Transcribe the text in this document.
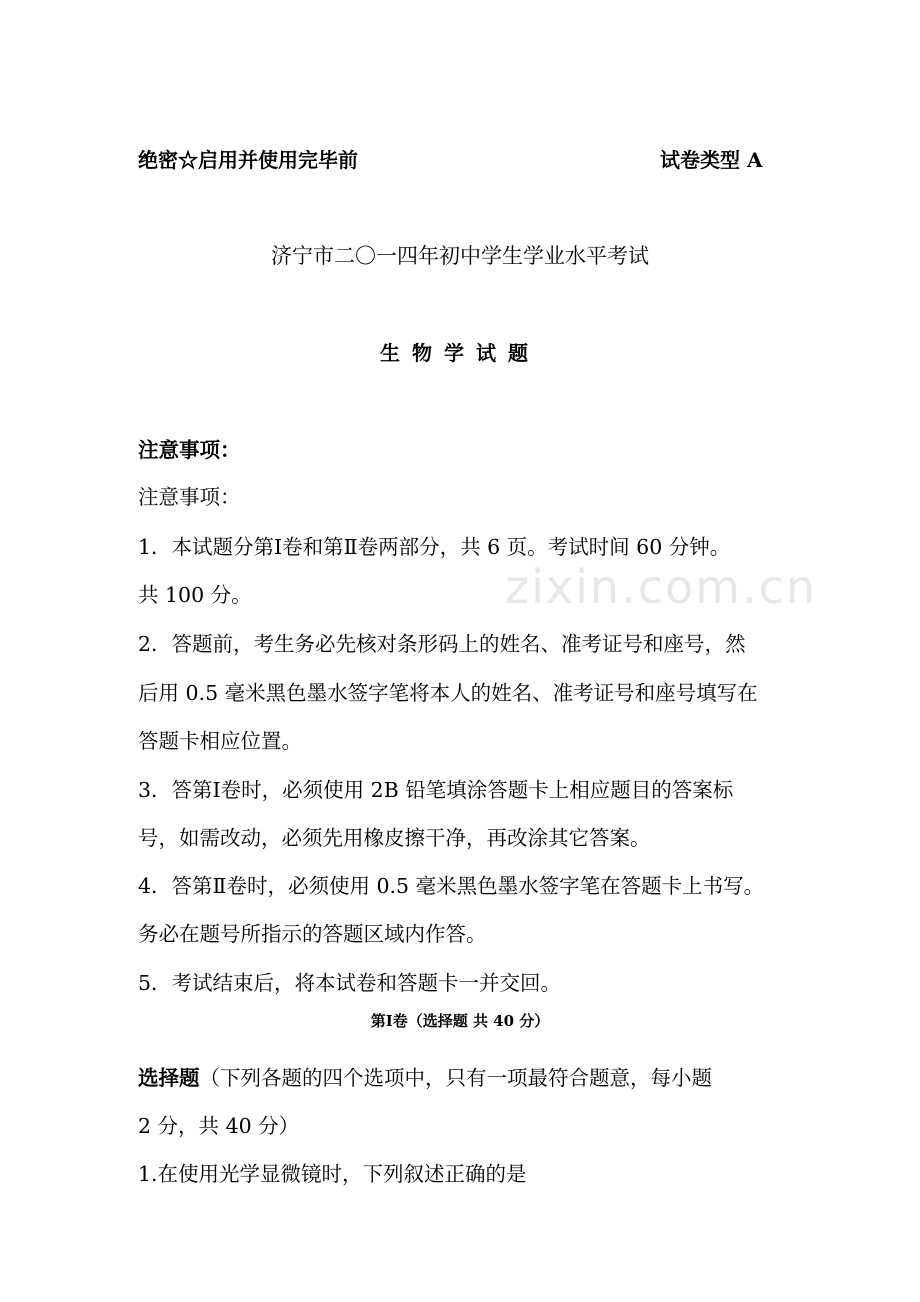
zixin.com.cn
绝密☆启用并使用完毕前	试卷类型 A
济宁市二〇一四年初中学生学业水平考试
生物学试题
注意事项：
注意事项：
1．本试题分第Ⅰ卷和第Ⅱ卷两部分，共 6 页。考试时间 60 分钟。
共 100 分。
2．答题前，考生务必先核对条形码上的姓名、准考证号和座号，然
后用 0.5 毫米黑色墨水签字笔将本人的姓名、准考证号和座号填写在
答题卡相应位置。
3．答第Ⅰ卷时，必须使用 2B 铅笔填涂答题卡上相应题目的答案标
号，如需改动，必须先用橡皮擦干净，再改涂其它答案。
4．答第Ⅱ卷时，必须使用 0.5 毫米黑色墨水签字笔在答题卡上书写。
务必在题号所指示的答题区域内作答。
5．考试结束后，将本试卷和答题卡一并交回。
第Ⅰ卷（选择题 共 40 分）
选择题（下列各题的四个选项中，只有一项最符合题意，每小题
2 分，共 40 分）
1.在使用光学显微镜时，下列叙述正确的是
